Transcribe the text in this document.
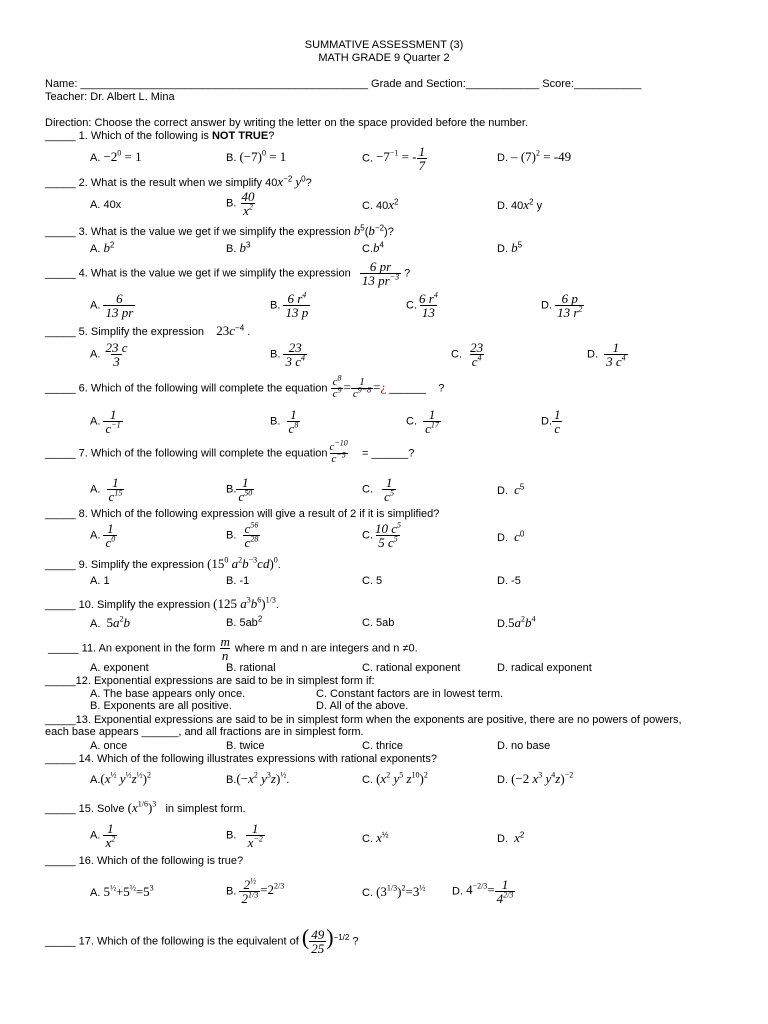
SUMMATIVE ASSESSMENT (3)
MATH GRADE 9 Quarter 2
Name: _______________________________________________ Grade and Section:____________ Score:___________
Teacher: Dr. Albert L. Mina
Direction: Choose the correct answer by writing the letter on the space provided before the number.
_____ 1. Which of the following is NOT TRUE?
A. $-2^0 = 1$	B. $(-7)^0 = 1$	C. $-7^{-1}$ = - $\frac{1}{7}$	D. – $(7)^2 = -49$
_____ 2. What is the result when we simplify $40x^{-2}$ $y^0$?
A. 40x	B. $\frac{40}{x^2}$	C. $40x^2$	D. $40x^2$ y
_____ 3. What is the value we get if we simplify the expression $b^5(b^{-2})$?
A. $b^2$	B. $b^3$	$C.b^4$	D. $b^5$
_____ 4. What is the value we get if we simplify the expression $\frac{6 pr}{13 pr^{-3}}$ ?
A. $\frac{6}{13 pr}$	B. $\frac{6 r^4}{13 p}$	C. $\frac{6 r^4}{13}$	D. $\frac{6 p}{13 r^2}$
_____ 5. Simplify the expression $23c^{-4}$ .
A. $\frac{23 c}{3}$	B. $\frac{23}{3 c^4}$	C. $\frac{23}{c^4}$	D. $\frac{1}{3 c^4}$
_____ 6. Which of the following will complete the equation $\frac{c^8}{c^9} = \frac{1}{c^{9-8}}$ =¿ ______    ?
A. $\frac{1}{c^{-1}}$	B. $\frac{1}{c^8}$	C. $\frac{1}{c^{17}}$	D. $\frac{1}{c}$
_____ 7. Which of the following will complete the equation $\frac{c^{-10}}{c^{-5}}$ = ______?
A. $\frac{1}{c^{15}}$	B. $\frac{1}{c^{50}}$	C. $\frac{1}{c^5}$	D. $c^5$
_____ 8. Which of the following expression will give a result of 2 if it is simplified?
A. $\frac{1}{c^0}$	B. $\frac{c^{56}}{c^{28}}$	C. $\frac{10 c^5}{5 c^5}$	D. $c^0$
_____ 9. Simplify the expression ($15^0$ $a^2b^{-3}cd)^0$.
A. 1	B. -1	C. 5	D. -5
_____ 10. Simplify the expression (125 $a^3b^6)^{1/3}$.
A. $5a^2b$	B. $5ab^2$	C. 5ab	$D.5a^2b^4$
_____ 11. An exponent in the form $\frac{m}{n}$ where m and n are integers and n ≠0.
A. exponent	B. rational	C. rational exponent	D. radical exponent
_____12. Exponential expressions are said to be in simplest form if:
A. The base appears only once.	C. Constant factors are in lowest term.
B. Exponents are all positive.	D. All of the above.
_____13. Exponential expressions are said to be in simplest form when the exponents are positive, there are no powers of powers,
each base appears ______, and all fractions are in simplest form.
A. once	B. twice	C. thrice	D. no base
_____ 14. Which of the following illustrates expressions with rational exponents?
$A.(x^{\frac{1}{2}}$ $y^{\frac{1}{2}}z^{\frac{1}{2}})^2$	$B.(-x^2$ $y^3z)^{\frac{1}{2}}$.	C. ($x^2$ $y^5$ $z^{10})^2$	D. (−2 $x^3$ $y^4z)^{-2}$
_____ 15. Solve $(x^{1/6})^3$ in simplest form.
A. $\frac{1}{x^2}$	B. $\frac{1}{x^{-2}}$	C. $x^{\frac{1}{2}}$	D. $x^2$
_____ 16. Which of the following is true?
A. $5^{\frac{1}{2}}+5^{\frac{1}{2}}=5^3$	B. $\frac{2^{\frac{1}{2}}}{2^{1/3}} =2^{2/3}$
C. $(3^{1/3})^2=3^{\frac{1}{2}}$ D. $4^{-2/3}= \frac{1}{4^{2/3}}$
_____ 17. Which of the following is the equivalent of ( $\frac{49}{25} )^{-1/2}$ ?
